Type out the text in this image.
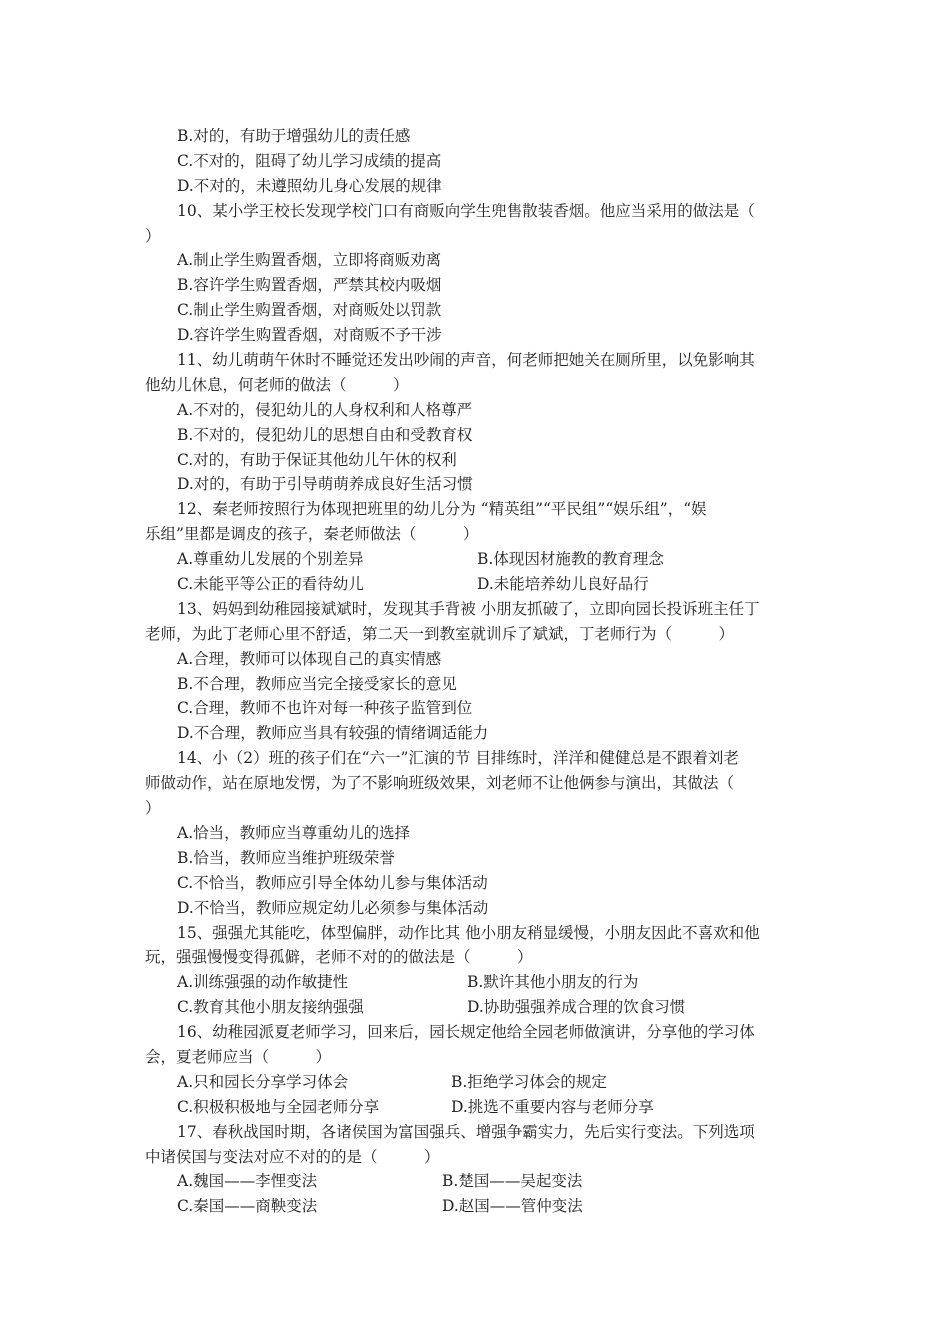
B.对的，有助于增强幼儿的责任感
C.不对的，阻碍了幼儿学习成绩的提高
D.不对的，未遵照幼儿身心发展的规律
10、某小学王校长发现学校门口有商贩向学生兜售散装香烟。他应当采用的做法是（
）
A.制止学生购置香烟，立即将商贩劝离
B.容许学生购置香烟，严禁其校内吸烟
C.制止学生购置香烟，对商贩处以罚款
D.容许学生购置香烟，对商贩不予干涉
11、幼儿萌萌午休时不睡觉还发出吵闹的声音，何老师把她关在厕所里，以免影响其
他幼儿休息，何老师的做法（　　　）
A.不对的，侵犯幼儿的人身权利和人格尊严
B.不对的，侵犯幼儿的思想自由和受教育权
C.对的，有助于保证其他幼儿午休的权利
D.对的，有助于引导萌萌养成良好生活习惯
12、秦老师按照行为体现把班里的幼儿分为 “精英组”“平民组”“娱乐组”，“娱
乐组”里都是调皮的孩子，秦老师做法（　　　）
A.尊重幼儿发展的个别差异	B.体现因材施教的教育理念
C.未能平等公正的看待幼儿	D.未能培养幼儿良好品行
13、妈妈到幼稚园接斌斌时，发现其手背被 小朋友抓破了，立即向园长投诉班主任丁
老师，为此丁老师心里不舒适，第二天一到教室就训斥了斌斌，丁老师行为（　　　）
A.合理，教师可以体现自己的真实情感
B.不合理，教师应当完全接受家长的意见
C.合理，教师不也许对每一种孩子监管到位
D.不合理，教师应当具有较强的情绪调适能力
14、小（2）班的孩子们在“六一”汇演的节 目排练时，洋洋和健健总是不跟着刘老
师做动作，站在原地发愣，为了不影响班级效果，刘老师不让他俩参与演出，其做法（
）
A.恰当，教师应当尊重幼儿的选择
B.恰当，教师应当维护班级荣誉
C.不恰当，教师应引导全体幼儿参与集体活动
D.不恰当，教师应规定幼儿必须参与集体活动
15、强强尤其能吃，体型偏胖，动作比其 他小朋友稍显缓慢，小朋友因此不喜欢和他
玩，强强慢慢变得孤僻，老师不对的的做法是（　　　）
A.训练强强的动作敏捷性	B.默许其他小朋友的行为
C.教育其他小朋友接纳强强	D.协助强强养成合理的饮食习惯
16、幼稚园派夏老师学习，回来后，园长规定他给全园老师做演讲，分享他的学习体
会，夏老师应当（　　　）
A.只和园长分享学习体会	B.拒绝学习体会的规定
C.积极积极地与全园老师分享	D.挑选不重要内容与老师分享
17、春秋战国时期，各诸侯国为富国强兵、增强争霸实力，先后实行变法。下列选项
中诸侯国与变法对应不对的的是（　　　）
A.魏国——李悝变法	B.楚国——吴起变法
C.秦国——商鞅变法	D.赵国——管仲变法
